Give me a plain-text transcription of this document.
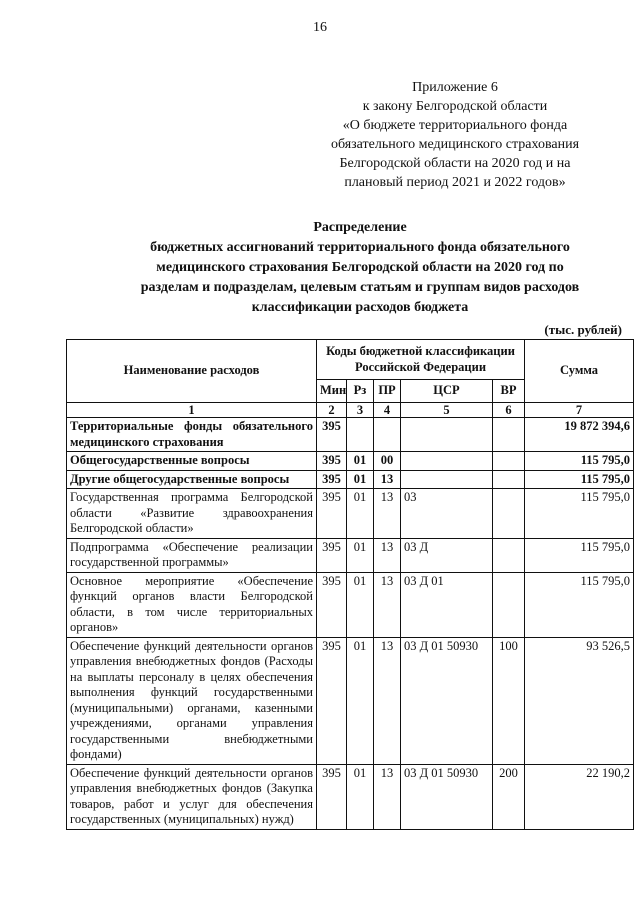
16
Приложение 6
к закону Белгородской области
«О бюджете территориального фонда
обязательного медицинского страхования
Белгородской области на 2020 год и на
плановый период 2021 и 2022 годов»
Распределение
бюджетных ассигнований территориального фонда обязательного
медицинского страхования Белгородской области на 2020 год по
разделам и подразделам, целевым статьям и группам видов расходов
классификации расходов бюджета
(тыс. рублей)
Наименование расходов	Коды бюджетной классификации Российской Федерации					Сумма
	Мин	Рз	ПР	ЦСР	ВР	
1	2	3	4	5	6	7
Территориальные фонды обязательного медицинского страхования	395					19 872 394,6
Общегосударственные вопросы	395	01	00			115 795,0
Другие общегосударственные вопросы	395	01	13			115 795,0
Государственная программа Белгородской области «Развитие здравоохранения Белгородской области»	395	01	13	03		115 795,0
Подпрограмма «Обеспечение реализации государственной программы»	395	01	13	03 Д		115 795,0
Основное мероприятие «Обеспечение функций органов власти Белгородской области, в том числе территориальных органов»	395	01	13	03 Д 01		115 795,0
Обеспечение функций деятельности органов управления внебюджетных фондов (Расходы на выплаты персоналу в целях обеспечения выполнения функций государственными (муниципальными) органами, казенными учреждениями, органами управления государственными внебюджетными фондами)	395	01	13	03 Д 01 50930	100	93 526,5
Обеспечение функций деятельности органов управления внебюджетных фондов (Закупка товаров, работ и услуг для обеспечения государственных (муниципальных) нужд)	395	01	13	03 Д 01 50930	200	22 190,2
